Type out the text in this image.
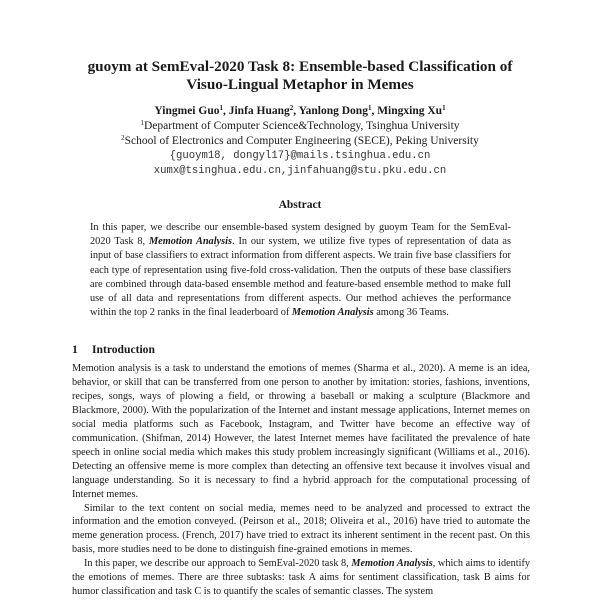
guoym at SemEval-2020 Task 8: Ensemble-based Classification of
Visuo-Lingual Metaphor in Memes
Yingmei Guo$^1$, Jinfa Huang$^2$, Yanlong Dong$^1$, Mingxing Xu$^1$
$^1$Department of Computer Science&Technology, Tsinghua University
$^2$School of Electronics and Computer Engineering (SECE), Peking University
{guoym18, dongyl17}@mails.tsinghua.edu.cn
xumx@tsinghua.edu.cn,jinfahuang@stu.pku.edu.cn
Abstract
In this paper, we describe our ensemble-based system designed by guoym Team for the SemEval-2020 Task 8, Memotion Analysis. In our system, we utilize five types of representation of data as input of base classifiers to extract information from different aspects. We train five base classifiers for each type of representation using five-fold cross-validation. Then the outputs of these base classifiers are combined through data-based ensemble method and feature-based ensemble method to make full use of all data and representations from different aspects. Our method achieves the performance within the top 2 ranks in the final leaderboard of Memotion Analysis among 36 Teams.
1 Introduction

Memotion analysis is a task to understand the emotions of memes (Sharma et al., 2020). A meme is an idea, behavior, or skill that can be transferred from one person to another by imitation: stories, fashions, inventions, recipes, songs, ways of plowing a field, or throwing a baseball or making a sculpture (Blackmore and Blackmore, 2000). With the popularization of the Internet and instant message applications, Internet memes on social media platforms such as Facebook, Instagram, and Twitter have become an effective way of communication. (Shifman, 2014) However, the latest Internet memes have facilitated the prevalence of hate speech in online social media which makes this study problem increasingly significant (Williams et al., 2016). Detecting an offensive meme is more complex than detecting an offensive text because it involves visual and language understanding. So it is necessary to find a hybrid approach for the computational processing of Internet memes.

Similar to the text content on social media, memes need to be analyzed and processed to extract the information and the emotion conveyed. (Peirson et al., 2018; Oliveira et al., 2016) have tried to automate the meme generation process. (French, 2017) have tried to extract its inherent sentiment in the recent past. On this basis, more studies need to be done to distinguish fine-grained emotions in memes.

In this paper, we describe our approach to SemEval-2020 task 8, Memotion Analysis, which aims to identify the emotions of memes. There are three subtasks: task A aims for sentiment classification, task B aims for humor classification and task C is to quantify the scales of semantic classes. The system
